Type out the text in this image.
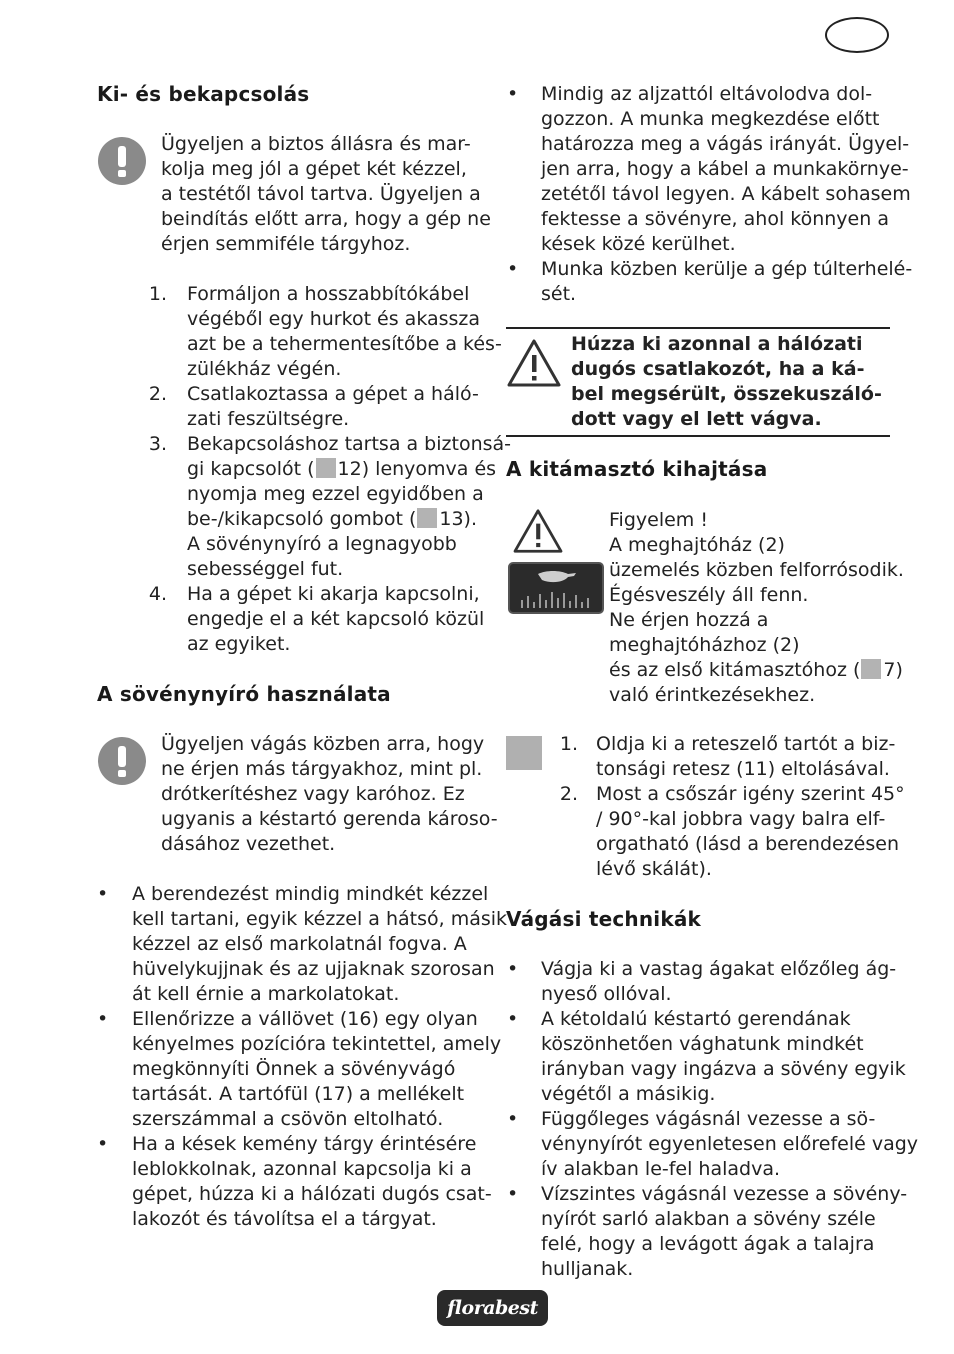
Ki- és bekapcsolás
Ügyeljen a biztos állásra és mar-
kolja meg jól a gépet két kézzel,
a testétől távol tartva. Ügyeljen a
beindítás előtt arra, hogy a gép ne
érjen semmiféle tárgyhoz.
1. Formáljon a hosszabbítókábel
végéből egy hurkot és akassza
azt be a tehermentesítőbe a kés-
zülékház végén.
2. Csatlakoztassa a gépet a háló-
zati feszültségre.
3. Bekapcsoláshoz tartsa a biztonsá-
gi kapcsolót ( 12) lenyomva és
nyomja meg ezzel egyidőben a
be-/kikapcsoló gombot ( 13).
A sövénynyíró a legnagyobb
sebességgel fut.
4. Ha a gépet ki akarja kapcsolni,
engedje el a két kapcsoló közül
az egyiket.
A sövénynyíró használata
Ügyeljen vágás közben arra, hogy
ne érjen más tárgyakhoz, mint pl.
drótkerítéshez vagy karóhoz. Ez
ugyanis a késtartó gerenda károso-
dásához vezethet.
• A berendezést mindig mindkét kézzel
kell tartani, egyik kézzel a hátsó, másik
kézzel az első markolatnál fogva. A
hüvelykujjnak és az ujjaknak szorosan
át kell érnie a markolatokat.
• Ellenőrizze a vállövet (16) egy olyan
kényelmes pozícióra tekintettel, amely
megkönnyíti Önnek a sövényvágó
tartását. A tartófül (17) a mellékelt
szerszámmal a csövön eltolható.
• Ha a kések kemény tárgy érintésére
leblokkolnak, azonnal kapcsolja ki a
gépet, húzza ki a hálózati dugós csat-
lakozót és távolítsa el a tárgyat.
• Mindig az aljzattól eltávolodva dol-
gozzon. A munka megkezdése előtt
határozza meg a vágás irányát. Ügyel-
jen arra, hogy a kábel a munkakörnye-
zetétől távol legyen. A kábelt sohasem
fektesse a sövényre, ahol könnyen a
kések közé kerülhet.
• Munka közben kerülje a gép túlterhelé-
sét.
Húzza ki azonnal a hálózati
dugós csatlakozót, ha a ká-
bel megsérült, összekuszáló-
dott vagy el lett vágva.
A kitámasztó kihajtása
Figyelem !
A meghajtóház (2)
üzemelés közben felforrósodik.
Égésveszély áll fenn.
Ne érjen hozzá a
meghajtóházhoz (2)
és az első kitámasztóhoz ( 7)
való érintkezésekhez.
1. Oldja ki a reteszelő tartót a biz-
tonsági retesz (11) eltolásával.
2. Most a csőszár igény szerint 45°
/ 90°-kal jobbra vagy balra elf-
orgatható (lásd a berendezésen
lévő skálát).
Vágási technikák
• Vágja ki a vastag ágakat előzőleg ág-
nyeső ollóval.
• A kétoldalú késtartó gerendának
köszönhetően vághatunk mindkét
irányban vagy ingázva a sövény egyik
végétől a másikig.
• Függőleges vágásnál vezesse a sö-
vénynyírót egyenletesen előrefelé vagy
ív alakban le-fel haladva.
• Vízszintes vágásnál vezesse a sövény-
nyírót sarló alakban a sövény széle
felé, hogy a levágott ágak a talajra
hulljanak.
florabest
